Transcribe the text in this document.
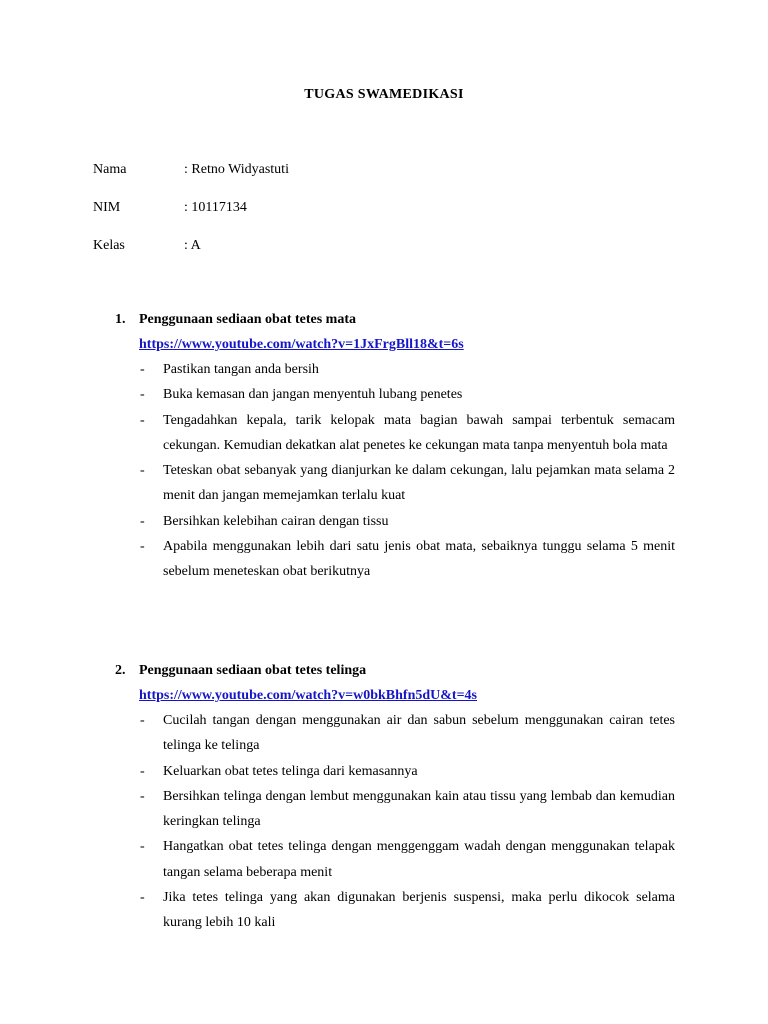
TUGAS SWAMEDIKASI
Nama	: Retno Widyastuti
NIM	: 10117134
Kelas	: A
1. Penggunaan sediaan obat tetes mata
https://www.youtube.com/watch?v=1JxFrgBll18&t=6s
- Pastikan tangan anda bersih
- Buka kemasan dan jangan menyentuh lubang penetes
- Tengadahkan kepala, tarik kelopak mata bagian bawah sampai terbentuk semacam cekungan. Kemudian dekatkan alat penetes ke cekungan mata tanpa menyentuh bola mata
- Teteskan obat sebanyak yang dianjurkan ke dalam cekungan, lalu pejamkan mata selama 2 menit dan jangan memejamkan terlalu kuat
- Bersihkan kelebihan cairan dengan tissu
- Apabila menggunakan lebih dari satu jenis obat mata, sebaiknya tunggu selama 5 menit sebelum meneteskan obat berikutnya
2. Penggunaan sediaan obat tetes telinga
https://www.youtube.com/watch?v=w0bkBhfn5dU&t=4s
- Cucilah tangan dengan menggunakan air dan sabun sebelum menggunakan cairan tetes telinga ke telinga
- Keluarkan obat tetes telinga dari kemasannya
- Bersihkan telinga dengan lembut menggunakan kain atau tissu yang lembab dan kemudian keringkan telinga
- Hangatkan obat tetes telinga dengan menggenggam wadah dengan menggunakan telapak tangan selama beberapa menit
- Jika tetes telinga yang akan digunakan berjenis suspensi, maka perlu dikocok selama kurang lebih 10 kali
